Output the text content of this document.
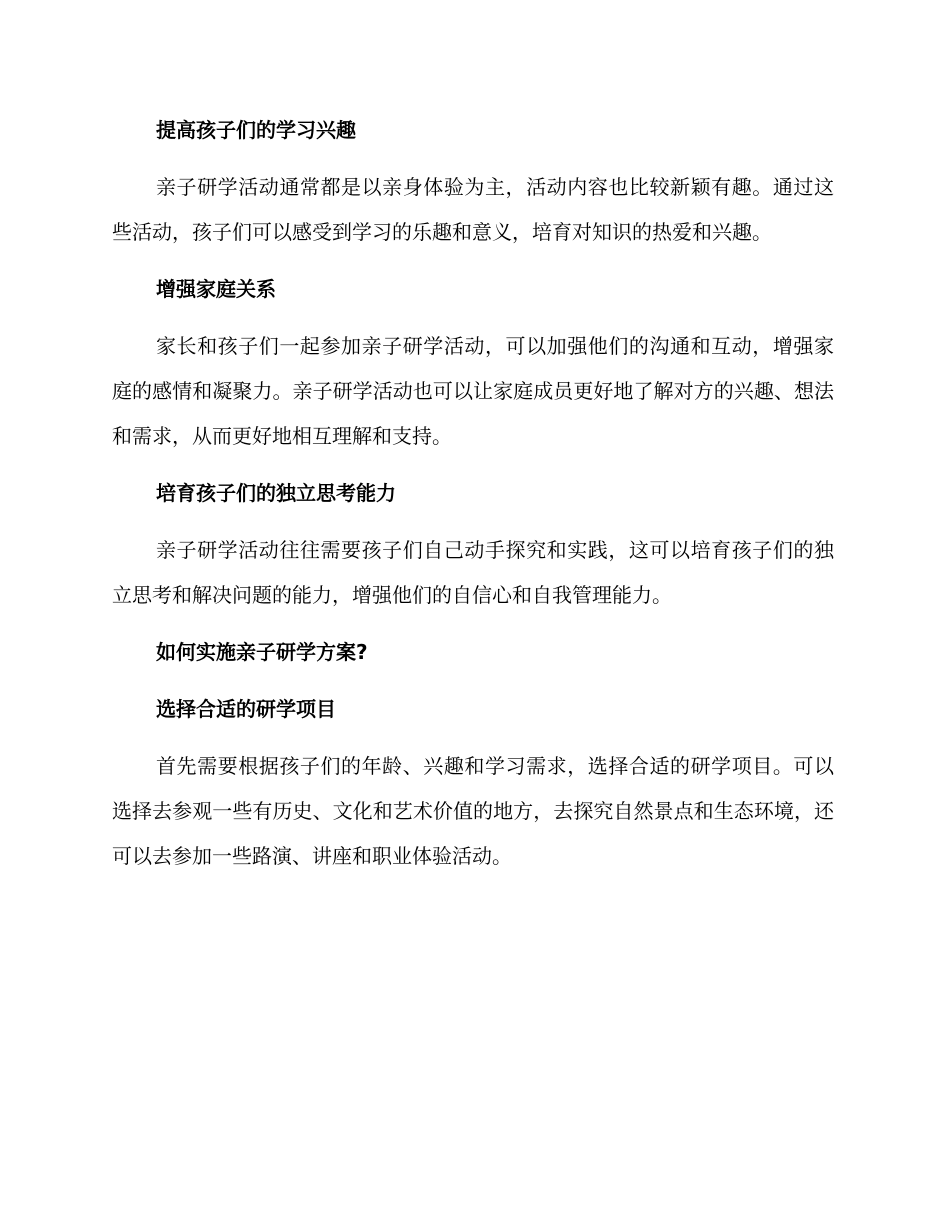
提高孩子们的学习兴趣

亲子研学活动通常都是以亲身体验为主，活动内容也比较新颖有趣。通过这些活动，孩子们可以感受到学习的乐趣和意义，培育对知识的热爱和兴趣。

增强家庭关系

家长和孩子们一起参加亲子研学活动，可以加强他们的沟通和互动，增强家庭的感情和凝聚力。亲子研学活动也可以让家庭成员更好地了解对方的兴趣、想法和需求，从而更好地相互理解和支持。

培育孩子们的独立思考能力

亲子研学活动往往需要孩子们自己动手探究和实践，这可以培育孩子们的独立思考和解决问题的能力，增强他们的自信心和自我管理能力。

如何实施亲子研学方案?
选择合适的研学项目

首先需要根据孩子们的年龄、兴趣和学习需求，选择合适的研学项目。可以选择去参观一些有历史、文化和艺术价值的地方，去探究自然景点和生态环境，还可以去参加一些路演、讲座和职业体验活动。
